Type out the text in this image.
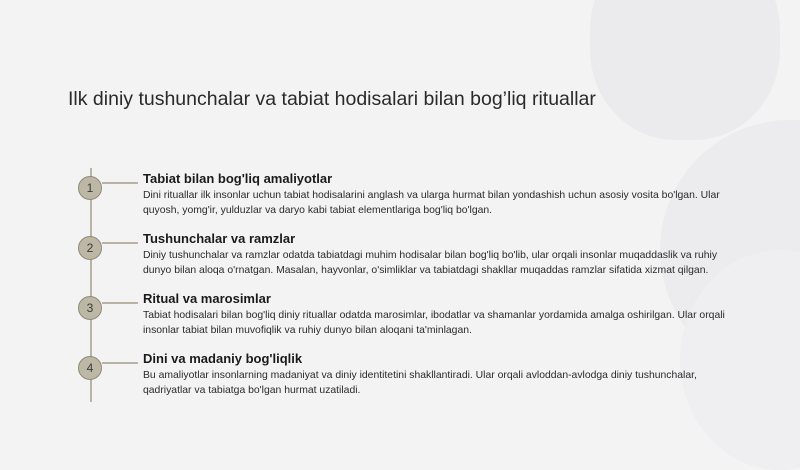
Ilk diniy tushunchalar va tabiat hodisalari bilan bog’liq rituallar
1
Tabiat bilan bog'liq amaliyotlar
Dini rituallar ilk insonlar uchun tabiat hodisalarini anglash va ularga hurmat bilan yondashish uchun asosiy vosita bo'lgan. Ular quyosh, yomg'ir, yulduzlar va daryo kabi tabiat elementlariga bog'liq bo'lgan.
2
Tushunchalar va ramzlar
Diniy tushunchalar va ramzlar odatda tabiatdagi muhim hodisalar bilan bog'liq bo'lib, ular orqali insonlar muqaddaslik va ruhiy dunyo bilan aloqa o'rnatgan. Masalan, hayvonlar, o'simliklar va tabiatdagi shakllar muqaddas ramzlar sifatida xizmat qilgan.
3
Ritual va marosimlar
Tabiat hodisalari bilan bog'liq diniy rituallar odatda marosimlar, ibodatlar va shamanlar yordamida amalga oshirilgan. Ular orqali insonlar tabiat bilan muvofiqlik va ruhiy dunyo bilan aloqani ta'minlagan.
4
Dini va madaniy bog'liqlik
Bu amaliyotlar insonlarning madaniyat va diniy identitetini shakllantiradi. Ular orqali avloddan-avlodga diniy tushunchalar, qadriyatlar va tabiatga bo'lgan hurmat uzatiladi.
